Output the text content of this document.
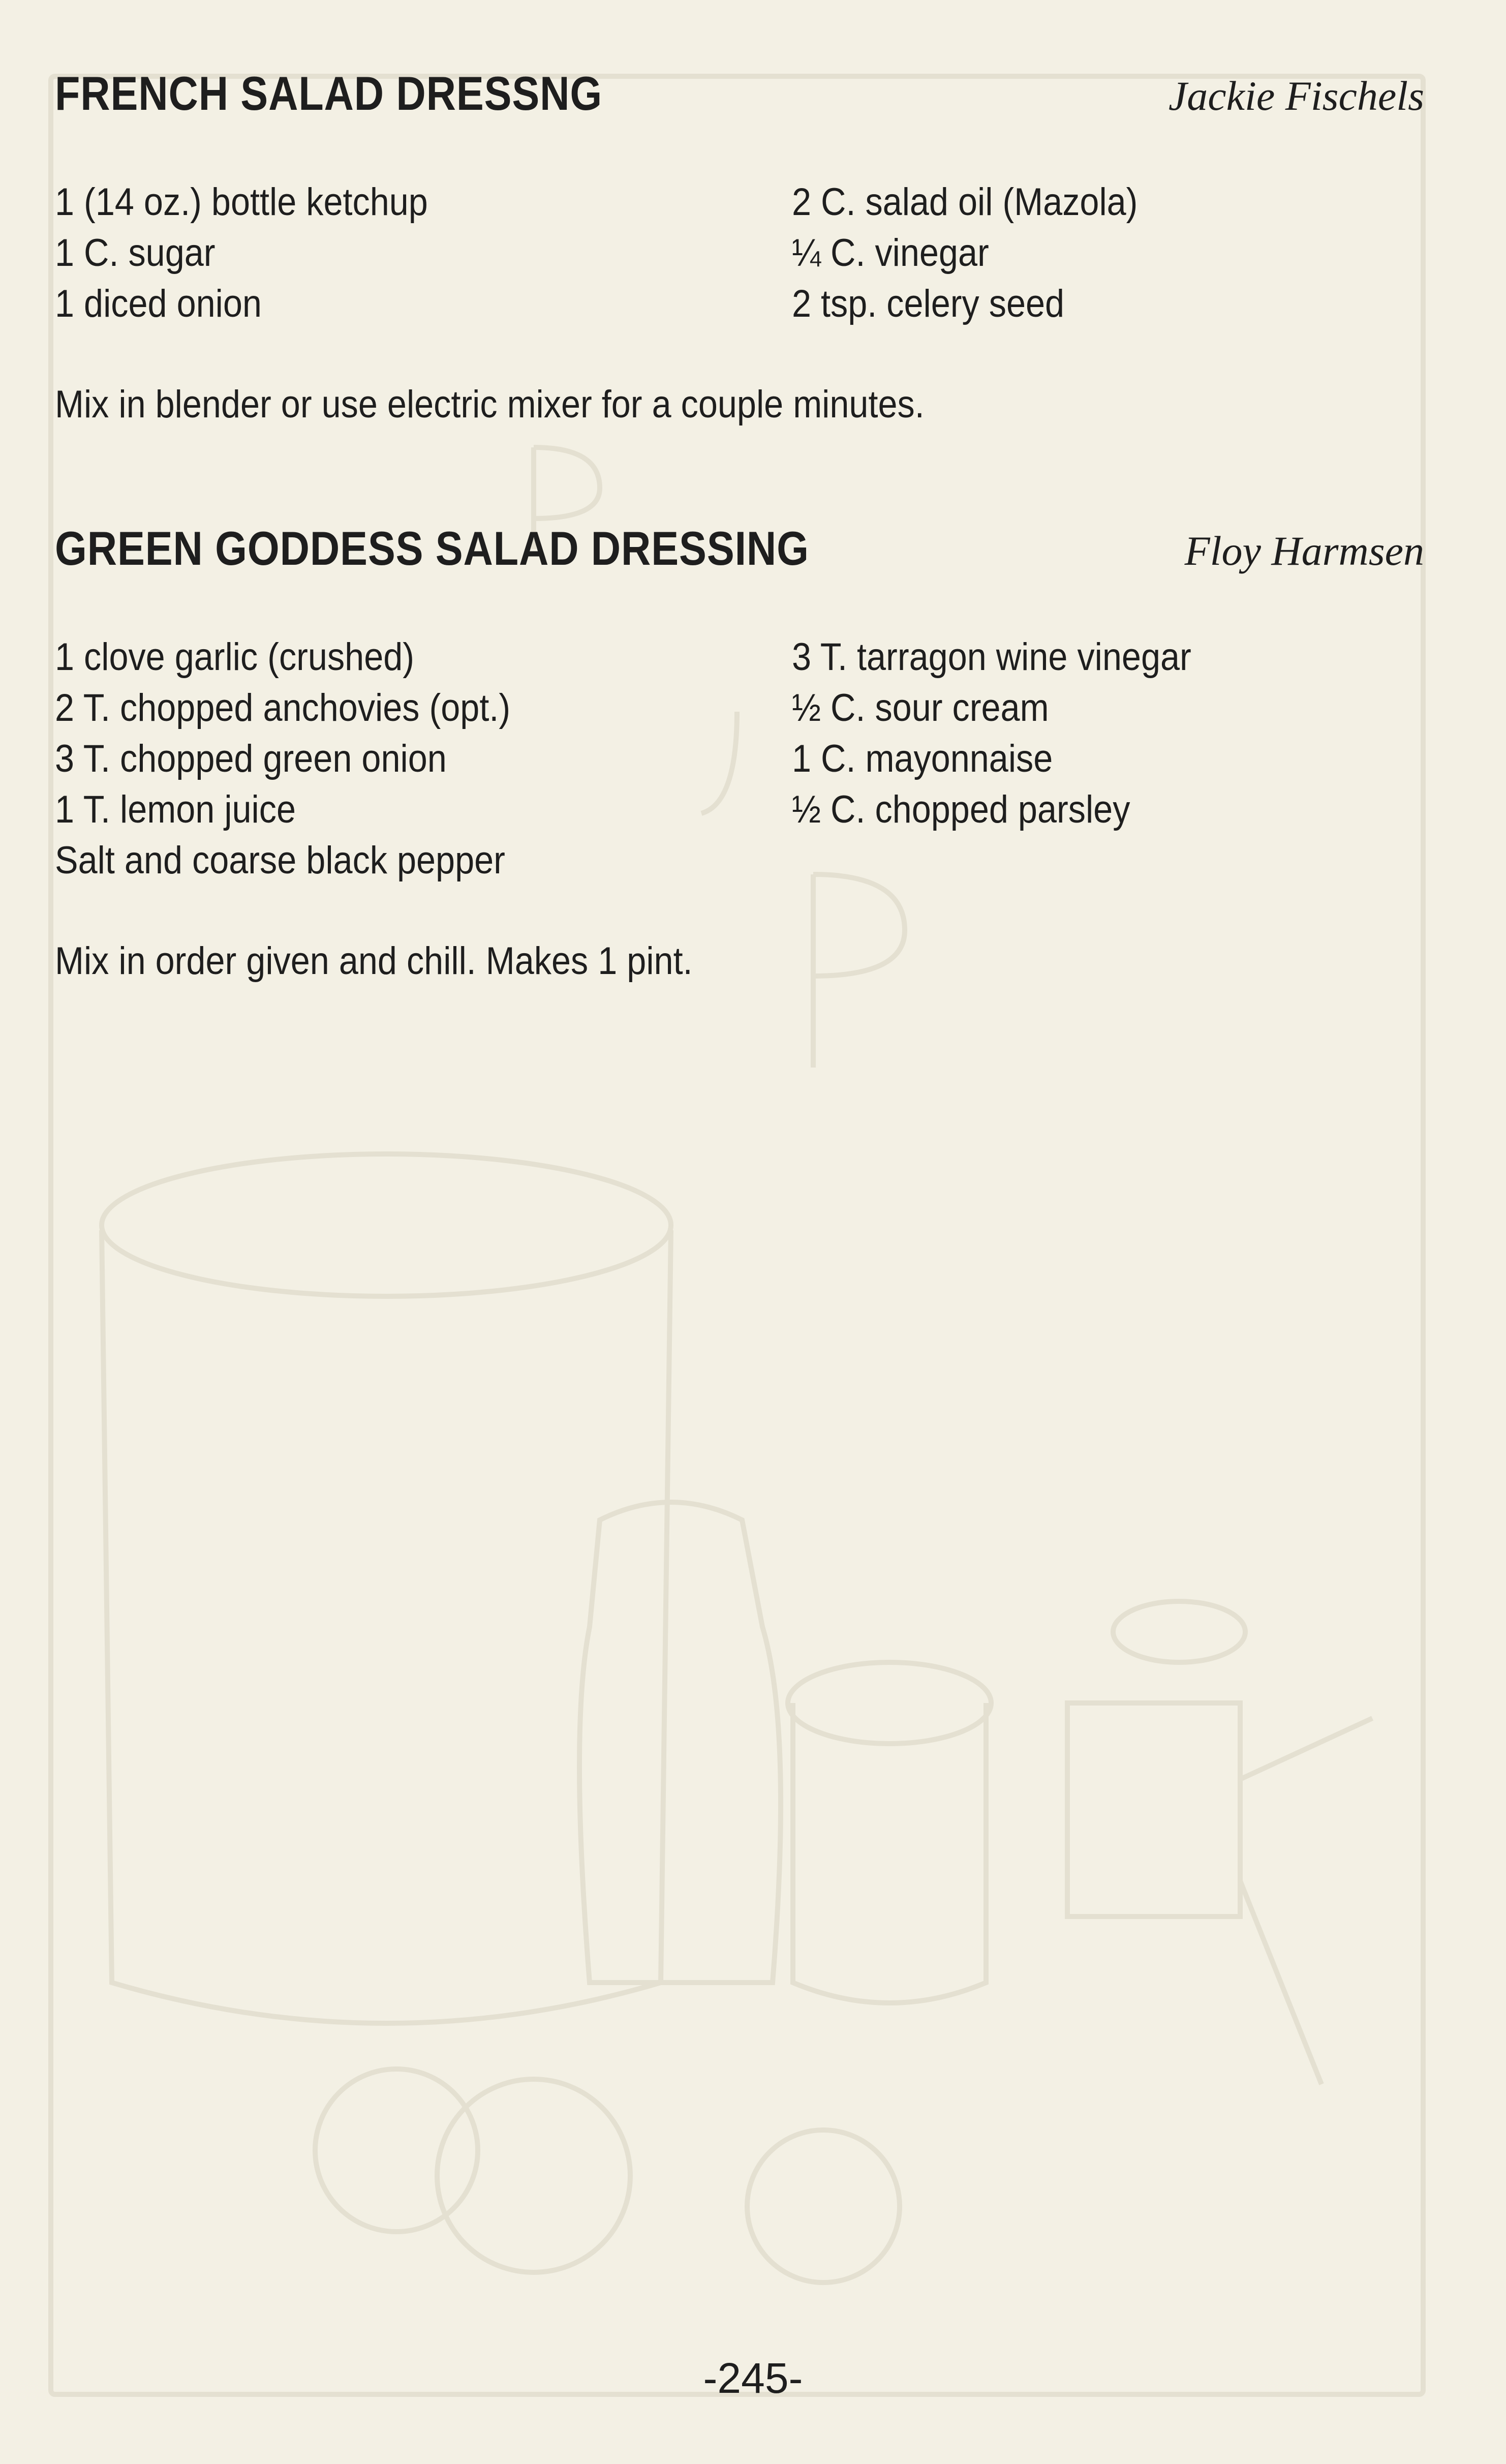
FRENCH SALAD DRESSNG	Jackie Fischels
1 (14 oz.) bottle ketchup
1 C. sugar
1 diced onion
2 C. salad oil (Mazola)
¼ C. vinegar
2 tsp. celery seed
Mix in blender or use electric mixer for a couple minutes.
GREEN GODDESS SALAD DRESSING	Floy Harmsen
1 clove garlic (crushed)
2 T. chopped anchovies (opt.)
3 T. chopped green onion
1 T. lemon juice
Salt and coarse black pepper
3 T. tarragon wine vinegar
½ C. sour cream
1 C. mayonnaise
½ C. chopped parsley
Mix in order given and chill. Makes 1 pint.
-245-
